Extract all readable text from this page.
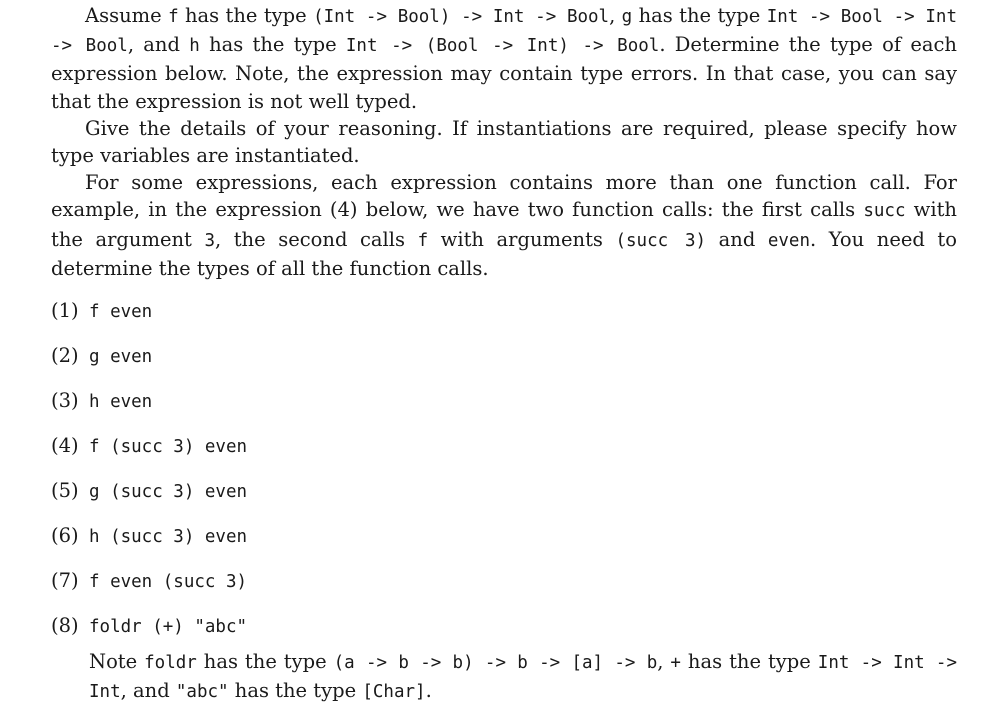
Assume f has the type (Int -> Bool) -> Int -> Bool, g has the type Int -> Bool -> Int -> Bool, and h has the type Int -> (Bool -> Int) -> Bool. Determine the type of each expression below. Note, the expression may contain type errors. In that case, you can say that the expression is not well typed.

Give the details of your reasoning. If instantiations are required, please specify how type variables are instantiated.

For some expressions, each expression contains more than one function call. For example, in the expression (4) below, we have two function calls: the first calls succ with the argument 3, the second calls f with arguments (succ 3) and even. You need to determine the types of all the function calls.

(1) f even
(2) g even
(3) h even
(4) f (succ 3) even
(5) g (succ 3) even
(6) h (succ 3) even
(7) f even (succ 3)
(8) foldr (+) "abc"
Note foldr has the type (a -> b -> b) -> b -> [a] -> b, + has the type Int -> Int -> Int, and "abc" has the type [Char].
